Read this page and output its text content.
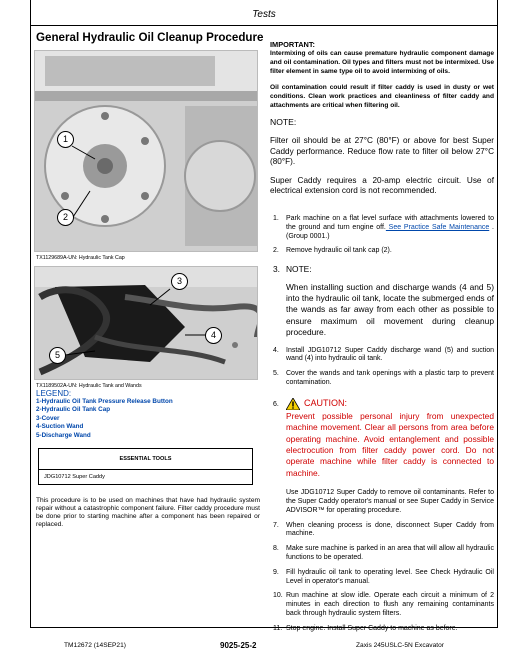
Tests
General Hydraulic Oil Cleanup Procedure
1
2
TX1129689A-UN: Hydraulic Tank Cap
3
4
5
TX1189502A-UN: Hydraulic Tank and Wands
LEGEND:
1-Hydraulic Oil Tank Pressure Release Button
2-Hydraulic Oil Tank Cap
3-Cover
4-Suction Wand
5-Discharge Wand
ESSENTIAL TOOLS
JDG10712 Super Caddy

This procedure is to be used on machines that have had hydraulic system repair without a catastrophic component failure. Filter caddy procedure must be done prior to starting machine after a component has been repaired or replaced.

IMPORTANT:

Intermixing of oils can cause premature hydraulic component damage and oil contamination. Oil types and filters must not be intermixed. Use filter element in same type oil to avoid intermixing of oils.

Oil contamination could result if filter caddy is used in dusty or wet conditions. Clean work practices and cleanliness of filter caddy and attachments are critical when filtering oil.

NOTE:

Filter oil should be at 27°C (80°F) or above for best Super Caddy performance. Reduce flow rate to filter oil below 27°C (80°F).

Super Caddy requires a 20-amp electric circuit. Use of electrical extension cord is not recommended.

1. Park machine on a flat level surface with attachments lowered to the ground and turn engine off. See Practice Safe Maintenance . (Group 0001.)
2. Remove hydraulic oil tank cap (2).
3. NOTE:

When installing suction and discharge wands (4 and 5) into the hydraulic oil tank, locate the submerged ends of the wands as far away from each other as possible to ensure maximum oil movement during cleanup procedure.

4. Install JDG10712 Super Caddy discharge wand (5) and suction wand (4) into hydraulic oil tank.
5. Cover the wands and tank openings with a plastic tarp to prevent contamination.
6.	CAUTION:

Prevent possible personal injury from unexpected machine movement. Clear all persons from area before operating machine. Avoid entanglement and possible electrocution from filter caddy power cord. Do not operate machine while filter caddy is connected to machine.

Use JDG10712 Super Caddy to remove oil contaminants. Refer to the Super Caddy operator's manual or see Super Caddy in Service ADVISOR™ for operating procedure.

7. When cleaning process is done, disconnect Super Caddy from machine.
8. Make sure machine is parked in an area that will allow all hydraulic functions to be operated.
9. Fill hydraulic oil tank to operating level. See Check Hydraulic Oil Level in operator's manual.
10. Run machine at slow idle. Operate each circuit a minimum of 2 minutes in each direction to flush any remaining contaminants back through hydraulic system filters.
11. Stop engine. Install Super Caddy to machine as before.
TM12672 (14SEP21)	9025-25-2	Zaxis 245USLC-5N Excavator
